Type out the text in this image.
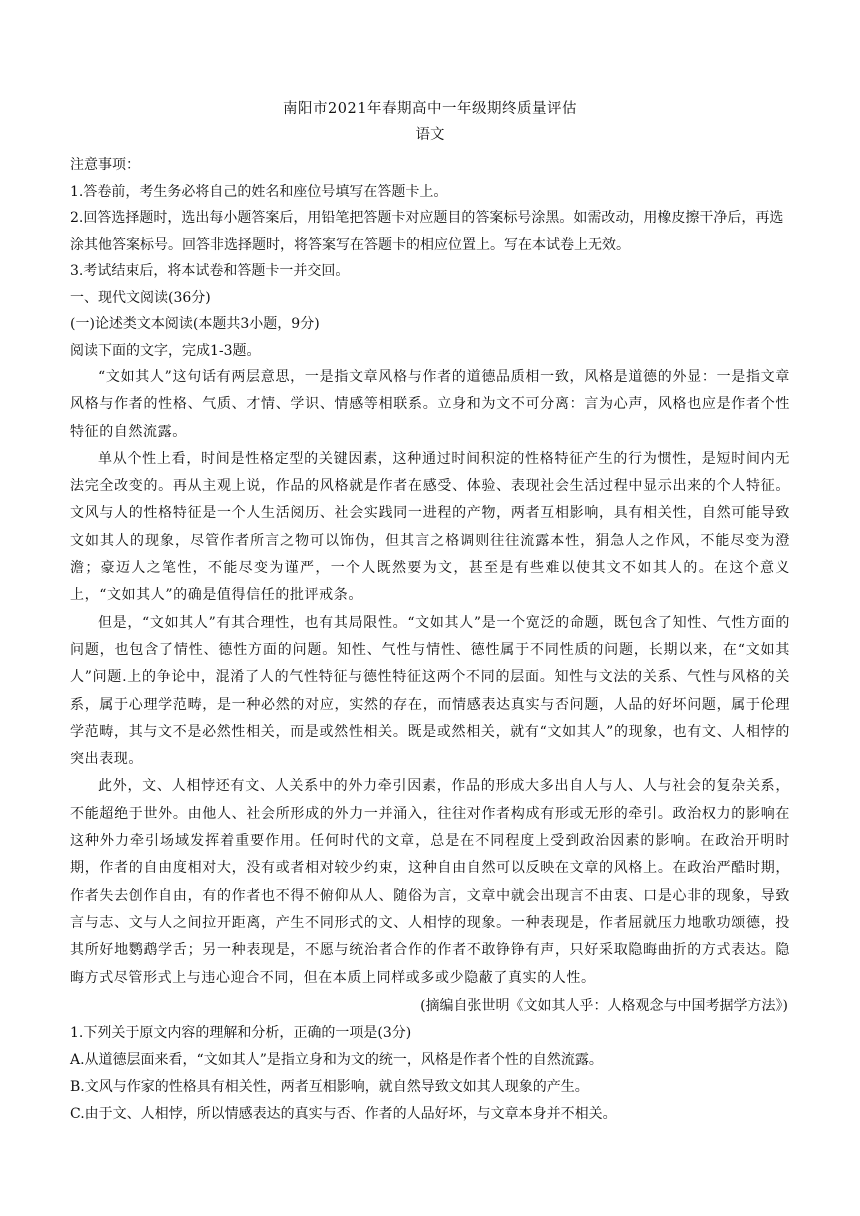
南阳市2021年春期高中一年级期终质量评估

语文

注意事项：

1.答卷前，考生务必将自己的姓名和座位号填写在答题卡上。

2.回答选择题时，选出每小题答案后，用铅笔把答题卡对应题目的答案标号涂黑。如需改动，用橡皮擦干净后，再选涂其他答案标号。回答非选择题时，将答案写在答题卡的相应位置上。写在本试卷上无效。

3.考试结束后，将本试卷和答题卡一并交回。

一、现代文阅读(36分)

(一)论述类文本阅读(本题共3小题，9分)

阅读下面的文字，完成1-3题。

“文如其人”这句话有两层意思，一是指文章风格与作者的道德品质相一致，风格是道德的外显：一是指文章风格与作者的性格、气质、才情、学识、情感等相联系。立身和为文不可分离：言为心声，风格也应是作者个性特征的自然流露。

单从个性上看，时间是性格定型的关键因素，这种通过时间积淀的性格特征产生的行为惯性，是短时间内无法完全改变的。再从主观上说，作品的风格就是作者在感受、体验、表现社会生活过程中显示出来的个人特征。文风与人的性格特征是一个人生活阅历、社会实践同一进程的产物，两者互相影响，具有相关性，自然可能导致文如其人的现象，尽管作者所言之物可以饰伪，但其言之格调则往往流露本性，狷急人之作风，不能尽变为澄澹；豪迈人之笔性，不能尽变为谨严，一个人既然要为文，甚至是有些难以使其文不如其人的。在这个意义上，“文如其人”的确是值得信任的批评戒条。

但是，“文如其人”有其合理性，也有其局限性。“文如其人”是一个宽泛的命题，既包含了知性、气性方面的问题，也包含了情性、德性方面的问题。知性、气性与情性、德性属于不同性质的问题，长期以来，在“文如其人”问题.上的争论中，混淆了人的气性特征与德性特征这两个不同的层面。知性与文法的关系、气性与风格的关系，属于心理学范畴，是一种必然的对应，实然的存在，而情感表达真实与否问题，人品的好坏问题，属于伦理学范畴，其与文不是必然性相关，而是或然性相关。既是或然相关，就有“文如其人”的现象，也有文、人相悖的突出表现。

此外，文、人相悖还有文、人关系中的外力牵引因素，作品的形成大多出自人与人、人与社会的复杂关系，不能超绝于世外。由他人、社会所形成的外力一并涌入，往往对作者构成有形或无形的牵引。政治权力的影响在这种外力牵引场域发挥着重要作用。任何时代的文章，总是在不同程度上受到政治因素的影响。在政治开明时期，作者的自由度相对大，没有或者相对较少约束，这种自由自然可以反映在文章的风格上。在政治严酷时期，作者失去创作自由，有的作者也不得不俯仰从人、随俗为言，文章中就会出现言不由衷、口是心非的现象，导致言与志、文与人之间拉开距离，产生不同形式的文、人相悖的现象。一种表现是，作者屈就压力地歌功颂德，投其所好地鹦鹉学舌；另一种表现是，不愿与统治者合作的作者不敢铮铮有声，只好采取隐晦曲折的方式表达。隐晦方式尽管形式上与违心迎合不同，但在本质上同样或多或少隐蔽了真实的人性。

(摘编自张世明《文如其人乎：人格观念与中国考据学方法》)

1.下列关于原文内容的理解和分析，正确的一项是(3分)

A.从道德层面来看，“文如其人”是指立身和为文的统一，风格是作者个性的自然流露。

B.文风与作家的性格具有相关性，两者互相影响，就自然导致文如其人现象的产生。

C.由于文、人相悖，所以情感表达的真实与否、作者的人品好坏，与文章本身并不相关。
